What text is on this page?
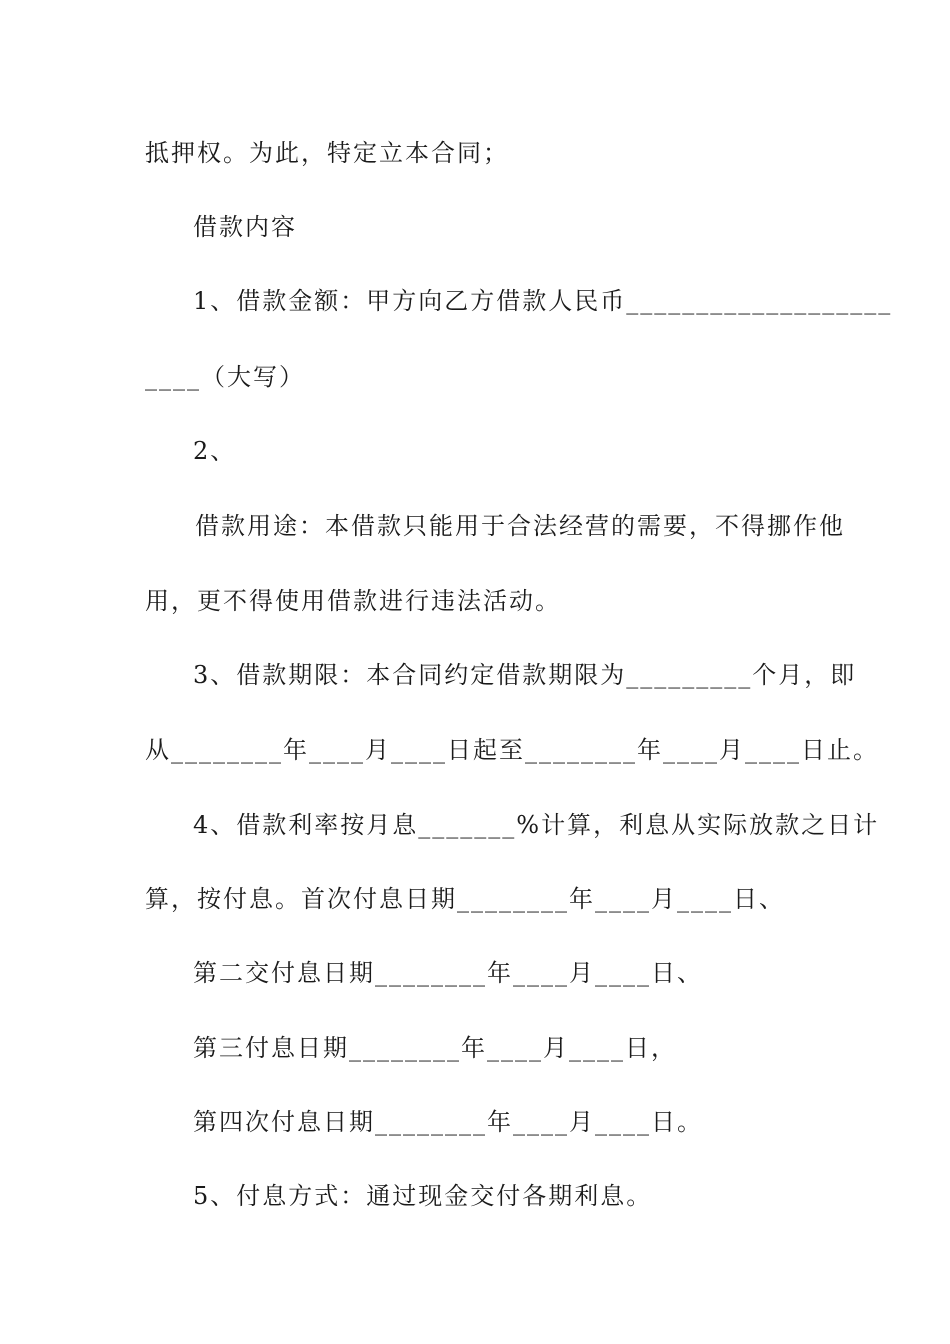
抵押权。为此，特定立本合同；
借款内容
1、借款金额：甲方向乙方借款人民币___________________
____（大写）
2、
借款用途：本借款只能用于合法经营的需要，不得挪作他
用，更不得使用借款进行违法活动。
3、借款期限：本合同约定借款期限为_________个月，即
从________年____月____日起至________年____月____日止。
4、借款利率按月息_______%计算，利息从实际放款之日计
算，按付息。首次付息日期________年____月____日、
第二交付息日期________年____月____日、
第三付息日期________年____月____日，
第四次付息日期________年____月____日。
5、付息方式：通过现金交付各期利息。
